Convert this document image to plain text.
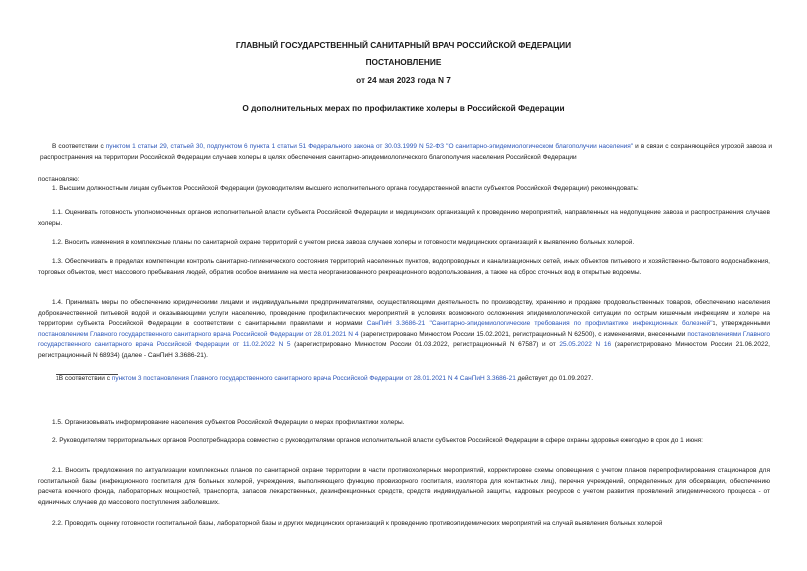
ГЛАВНЫЙ ГОСУДАРСТВЕННЫЙ САНИТАРНЫЙ ВРАЧ РОССИЙСКОЙ ФЕДЕРАЦИИ
ПОСТАНОВЛЕНИЕ
от 24 мая 2023 года N 7
О дополнительных мерах по профилактике холеры в Российской Федерации

В соответствии с пунктом 1 статьи 29, статьей 30, подпунктом 6 пункта 1 статьи 51 Федерального закона от 30.03.1999 N 52-ФЗ "О санитарно-эпидемиологическом благополучии населения" и в связи с сохраняющейся угрозой завоза и распространения на территории Российской Федерации случаев холеры в целях обеспечения санитарно-эпидемиологического благополучия населения Российской Федерации

постановляю:

1. Высшим должностным лицам субъектов Российской Федерации (руководителям высшего исполнительного органа государственной власти субъектов Российской Федерации) рекомендовать:

1.1. Оценивать готовность уполномоченных органов исполнительной власти субъекта Российской Федерации и медицинских организаций к проведению мероприятий, направленных на недопущение завоза и распространения случаев холеры.

1.2. Вносить изменения в комплексные планы по санитарной охране территорий с учетом риска завоза случаев холеры и готовности медицинских организаций к выявлению больных холерой.

1.3. Обеспечивать в пределах компетенции контроль санитарно-гигиенического состояния территорий населенных пунктов, водопроводных и канализационных сетей, иных объектов питьевого и хозяйственно-бытового водоснабжения, торговых объектов, мест массового пребывания людей, обратив особое внимание на места неорганизованного рекреационного водопользования, а также на сброс сточных вод в открытые водоемы.

1.4. Принимать меры по обеспечению юридическими лицами и индивидуальными предпринимателями, осуществляющими деятельность по производству, хранению и продаже продовольственных товаров, обеспечению населения доброкачественной питьевой водой и оказывающими услуги населению, проведение профилактических мероприятий в условиях возможного осложнения эпидемиологической ситуации по острым кишечным инфекциям и холере на территории субъекта Российской Федерации в соответствии с санитарными правилами и нормами СанПиН 3.3686-21 "Санитарно-эпидемиологические требования по профилактике инфекционных болезней"$^1$, утвержденными постановлением Главного государственного санитарного врача Российской Федерации от 28.01.2021 N 4 (зарегистрировано Минюстом России 15.02.2021, регистрационный N 62500), с изменениями, внесенными постановлениями Главного государственного санитарного врача Российской Федерации от 11.02.2022 N 5 (зарегистрировано Минюстом России 01.03.2022, регистрационный N 67587) и от 25.05.2022 N 16 (зарегистрировано Минюстом России 21.06.2022, регистрационный N 68934) (далее - СанПиН 3.3686-21).

$^1$В соответствии с пунктом 3 постановления Главного государственного санитарного врача Российской Федерации от 28.01.2021 N 4 СанПиН 3.3686-21 действует до 01.09.2027.

1.5. Организовывать информирование населения субъектов Российской Федерации о мерах профилактики холеры.

2. Руководителям территориальных органов Роспотребнадзора совместно с руководителями органов исполнительной власти субъектов Российской Федерации в сфере охраны здоровья ежегодно в срок до 1 июня:

2.1. Вносить предложения по актуализации комплексных планов по санитарной охране территории в части противохолерных мероприятий, корректировке схемы оповещения с учетом планов перепрофилирования стационаров для госпитальной базы (инфекционного госпиталя для больных холерой, учреждения, выполняющего функцию провизорного госпиталя, изолятора для контактных лиц), перечня учреждений, определенных для обсервации, обеспечению расчета коечного фонда, лабораторных мощностей, транспорта, запасов лекарственных, дезинфекционных средств, средств индивидуальной защиты, кадровых ресурсов с учетом развития проявлений эпидемического процесса - от единичных случаев до массового поступления заболевших.

2.2. Проводить оценку готовности госпитальной базы, лабораторной базы и других медицинских организаций к проведению противоэпидемических мероприятий на случай выявления больных холерой
